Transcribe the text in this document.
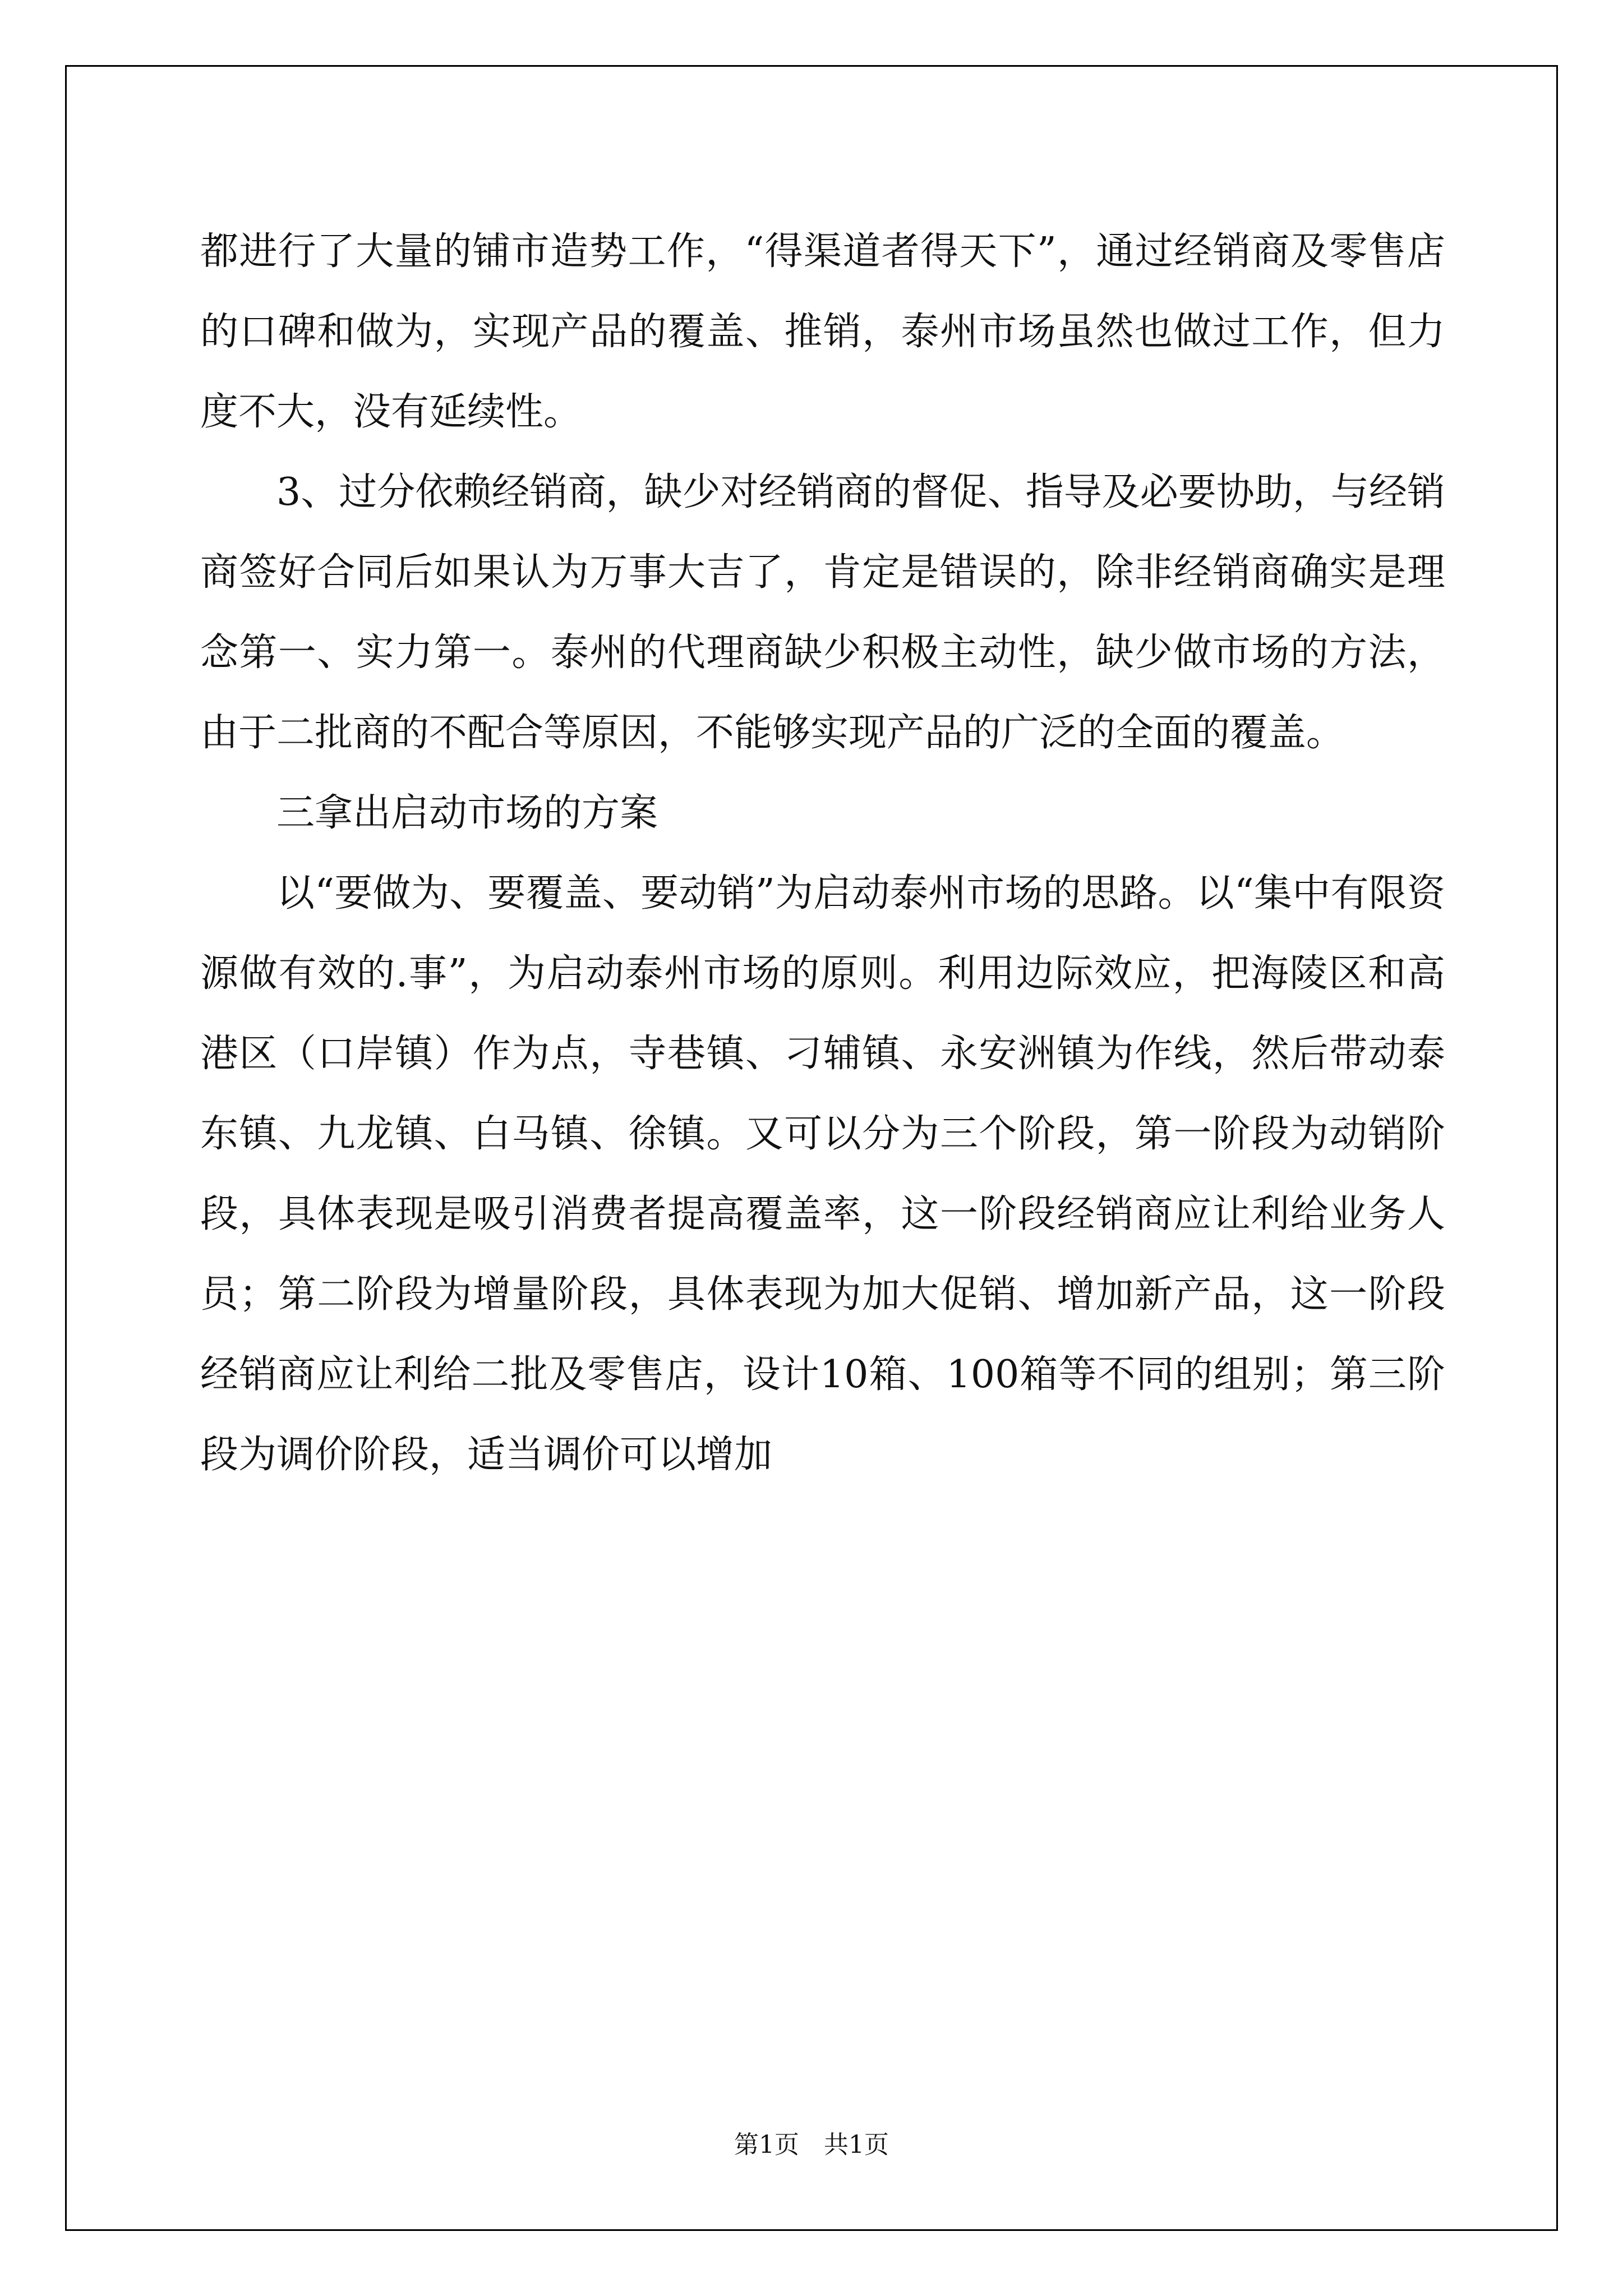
都进行了大量的铺市造势工作，“得渠道者得天下”，通过经销商及零售店的口碑和做为，实现产品的覆盖、推销，泰州市场虽然也做过工作，但力度不大，没有延续性。

3、过分依赖经销商，缺少对经销商的督促、指导及必要协助，与经销商签好合同后如果认为万事大吉了，肯定是错误的，除非经销商确实是理念第一、实力第一。泰州的代理商缺少积极主动性，缺少做市场的方法，由于二批商的不配合等原因，不能够实现产品的广泛的全面的覆盖。

三拿出启动市场的方案

以“要做为、要覆盖、要动销”为启动泰州市场的思路。以“集中有限资源做有效的.事”，为启动泰州市场的原则。利用边际效应，把海陵区和高港区（口岸镇）作为点，寺巷镇、刁辅镇、永安洲镇为作线，然后带动泰东镇、九龙镇、白马镇、徐镇。又可以分为三个阶段，第一阶段为动销阶段，具体表现是吸引消费者提高覆盖率，这一阶段经销商应让利给业务人员；第二阶段为增量阶段，具体表现为加大促销、增加新产品，这一阶段经销商应让利给二批及零售店，设计10箱、100箱等不同的组别；第三阶段为调价阶段，适当调价可以增加

第1页　共1页
